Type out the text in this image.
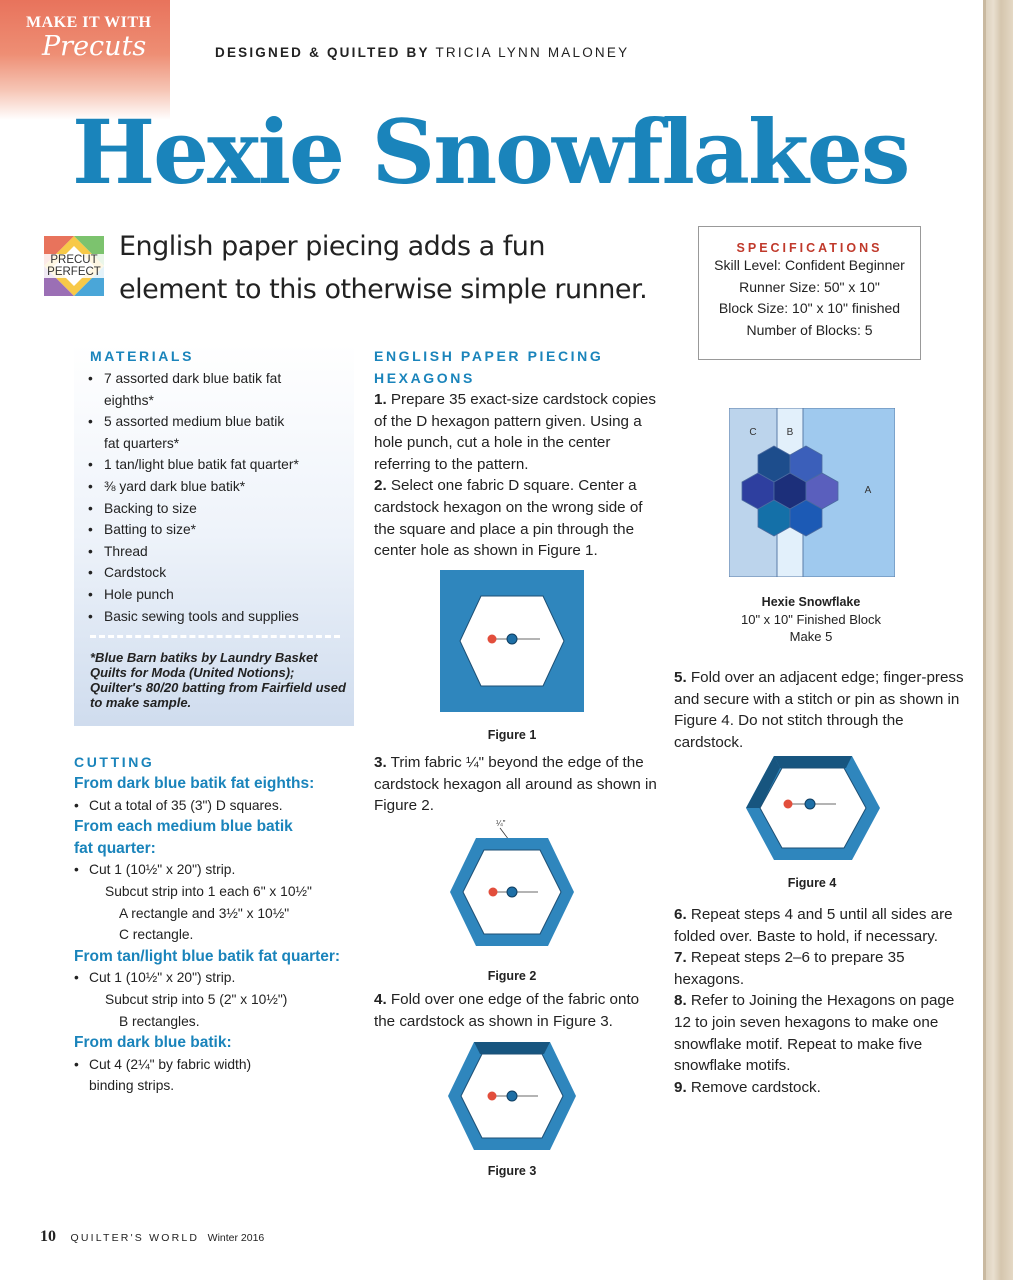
MAKE IT WITH
Precuts	DESIGNED & QUILTED BY TRICIA LYNN MALONEY
Hexie Snowflakes
PRECUT
PERFECT
English paper piecing adds a fun
element to this otherwise simple runner.
SPECIFICATIONS
Skill Level: Confident Beginner
Runner Size: 50" x 10"
Block Size: 10" x 10" finished
Number of Blocks: 5
MATERIALS
• 7 assorted dark blue batik fat
eighths*
• 5 assorted medium blue batik
fat quarters*
• 1 tan/light blue batik fat quarter*
• ⅜ yard dark blue batik*
• Backing to size
• Batting to size*
• Thread
• Cardstock
• Hole punch
• Basic sewing tools and supplies
*Blue Barn batiks by Laundry Basket Quilts for Moda (United Notions); Quilter's 80/20 batting from Fairfield used to make sample.
CUTTING
From dark blue batik fat eighths:
• Cut a total of 35 (3") D squares.
From each medium blue batik
fat quarter:
• Cut 1 (10½" x 20") strip.
Subcut strip into 1 each 6" x 10½"
A rectangle and 3½" x 10½"
C rectangle.
From tan/light blue batik fat quarter:
• Cut 1 (10½" x 20") strip.
Subcut strip into 5 (2" x 10½")
B rectangles.
From dark blue batik:
• Cut 4 (2¼" by fabric width)
binding strips.
ENGLISH PAPER PIECING
HEXAGONS
1. Prepare 35 exact-size cardstock copies of the D hexagon pattern given. Using a hole punch, cut a hole in the center referring to the pattern.
2. Select one fabric D square. Center a cardstock hexagon on the wrong side of the square and place a pin through the center hole as shown in Figure 1.
Figure 1
3. Trim fabric ¼" beyond the edge of the cardstock hexagon all around as shown in Figure 2.
¼"
Figure 2
4. Fold over one edge of the fabric onto the cardstock as shown in Figure 3.
Figure 3
C	B
A
Hexie Snowflake
10" x 10" Finished Block
Make 5
5. Fold over an adjacent edge; finger-press and secure with a stitch or pin as shown in Figure 4. Do not stitch through the cardstock.
Figure 4
6. Repeat steps 4 and 5 until all sides are folded over. Baste to hold, if necessary.
7. Repeat steps 2–6 to prepare 35 hexagons.
8. Refer to Joining the Hexagons on page 12 to join seven hexagons to make one snowflake motif. Repeat to make five snowflake motifs.
9. Remove cardstock.
10 QUILTER'S WORLD Winter 2016
